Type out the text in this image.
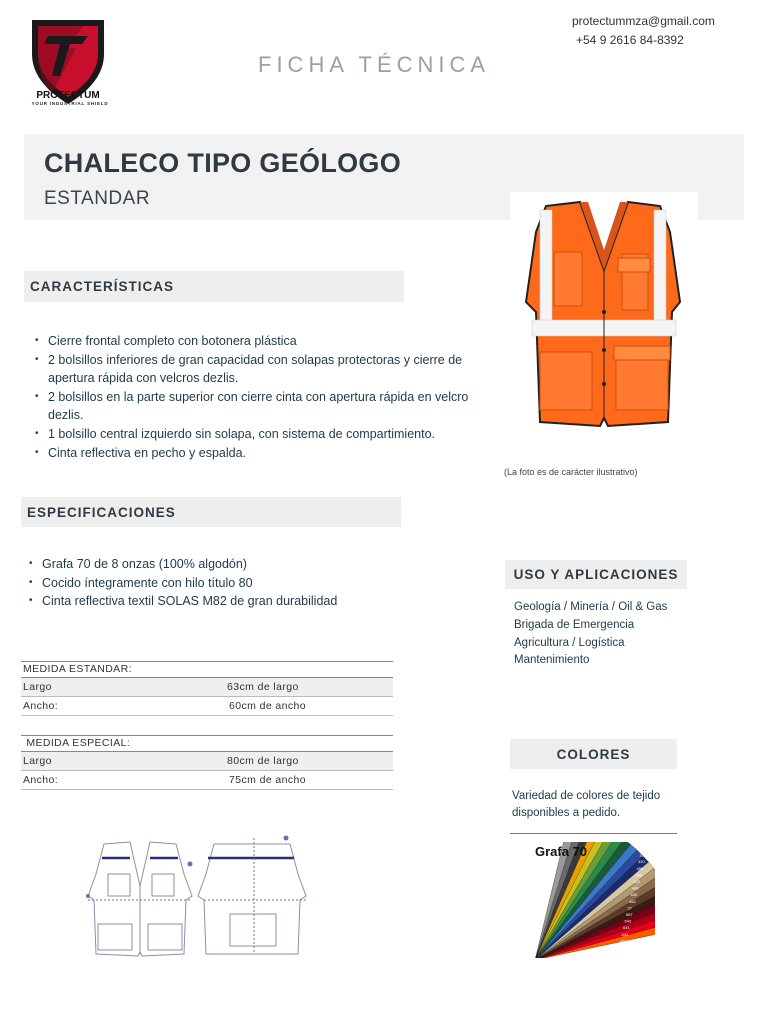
PROTECTUM
YOUR INDUSTRIAL SHIELD
FICHA TÉCNICA
protectummza@gmail.com
+54 9 2616 84-8392
CHALECO TIPO GEÓLOGO
ESTANDAR
(La foto es de carácter ilustrativo)
CARACTERÍSTICAS
• Cierre frontal completo con botonera plástica
• 2 bolsillos inferiores de gran capacidad con solapas protectoras y cierre de apertura rápida con velcros dezlis.
• 2 bolsillos en la parte superior con cierre cinta con apertura rápida en velcro dezlis.
• 1 bolsillo central izquierdo sin solapa, con sistema de compartimiento.
• Cinta reflectiva en pecho y espalda.
ESPECIFICACIONES
• Grafa 70 de 8 onzas (100% algodón)
• Cocido íntegramente con hilo título 80
• Cinta reflectiva textil SOLAS M82 de gran durabilidad
MEDIDA ESTANDAR:
Largo	63cm de largo
Ancho:	60cm de ancho
MEDIDA ESPECIAL:
Largo	80cm de largo
Ancho:	75cm de ancho
USO Y APLICACIONES
Geología / Minería / Oil & Gas
Brigada de Emergencia
Agricultura / Logística
Mantenimiento
COLORES
Variedad de colores de tejido disponibles a pedido.
354
358
320
455
456
620
480
432
462
37
567
643
641
442
452
460
Grafa 70
